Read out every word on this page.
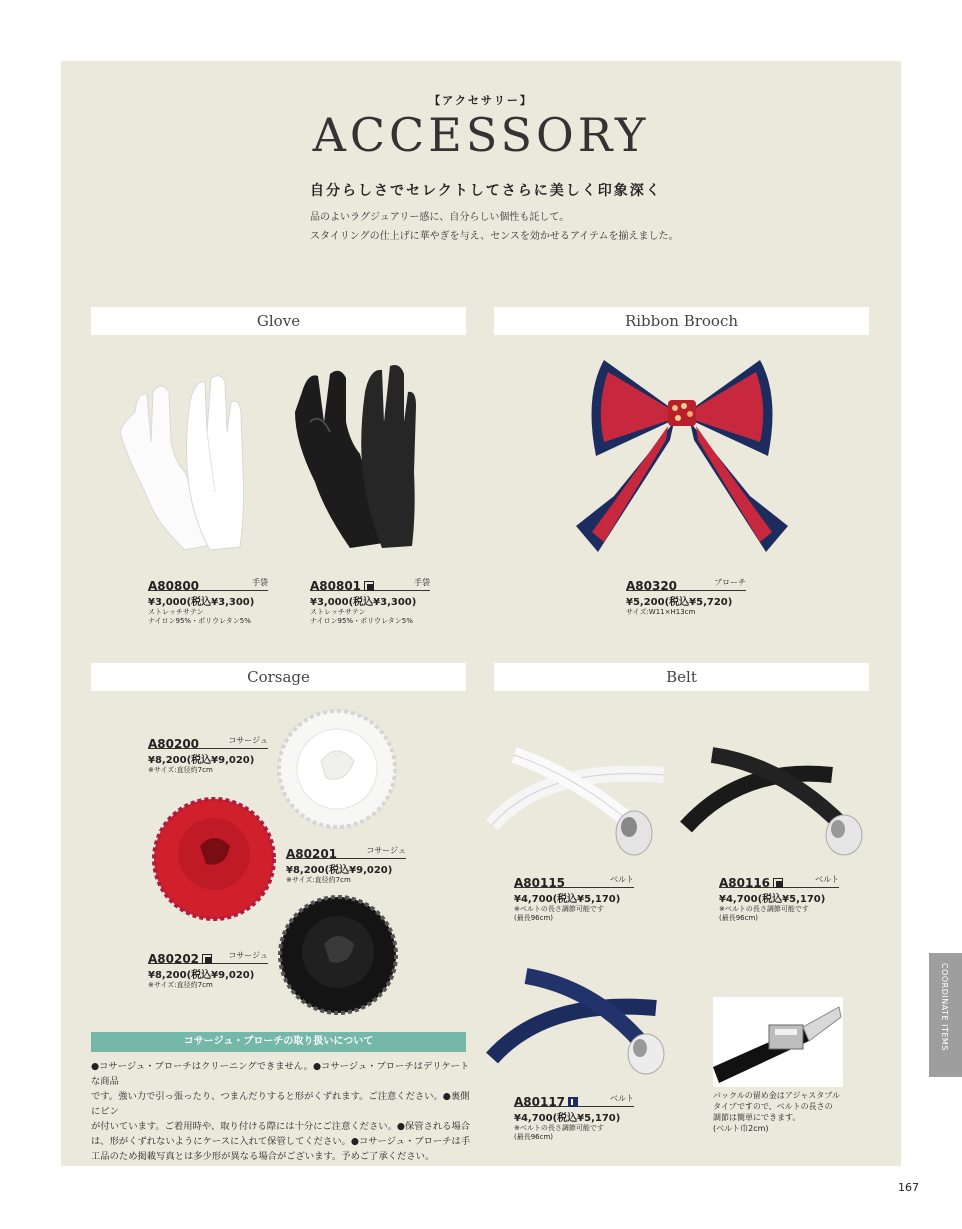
【アクセサリー】
ACCESSORY
自分らしさでセレクトしてさらに美しく印象深く
品のよいラグジュアリー感に、自分らしい個性も託して。
スタイリングの仕上げに華やぎを与え、センスを効かせるアイテムを揃えました。
Glove	Ribbon Brooch
Corsage	Belt
A80800	手袋
¥3,000(税込¥3,300)
ストレッチサテン
ナイロン95%・ポリウレタン5%
A80801	手袋
¥3,000(税込¥3,300)
ストレッチサテン
ナイロン95%・ポリウレタン5%
A80320	ブローチ
¥5,200(税込¥5,720)
サイズ:W11×H13cm
A80200	コサージュ
¥8,200(税込¥9,020)
※サイズ:直径約7cm
A80201	コサージュ
¥8,200(税込¥9,020)
※サイズ:直径約7cm
A80202	コサージュ
¥8,200(税込¥9,020)
※サイズ:直径約7cm
A80115	ベルト
¥4,700(税込¥5,170)
※ベルトの長さ調節可能です
(最長96cm)
A80116	ベルト
¥4,700(税込¥5,170)
※ベルトの長さ調節可能です
(最長96cm)
A80117	ベルト
¥4,700(税込¥5,170)
※ベルトの長さ調節可能です
(最長96cm)
バックルの留め金はアジャスタブル
タイプですので、ベルトの長さの
調節は簡単にできます。
(ベルト巾2cm)
コサージュ・ブローチの取り扱いについて
●コサージュ・ブローチはクリーニングできません。●コサージュ・ブローチはデリケートな商品
です。強い力で引っ張ったり、つまんだりすると形がくずれます。ご注意ください。●裏側にピン
が付いています。ご着用時や、取り付ける際には十分にご注意ください。●保管される場合
は、形がくずれないようにケースに入れて保管してください。●コサージュ・ブローチは手
工品のため掲載写真とは多少形が異なる場合がございます。予めご了承ください。
COORDINATE ITEMS
167
